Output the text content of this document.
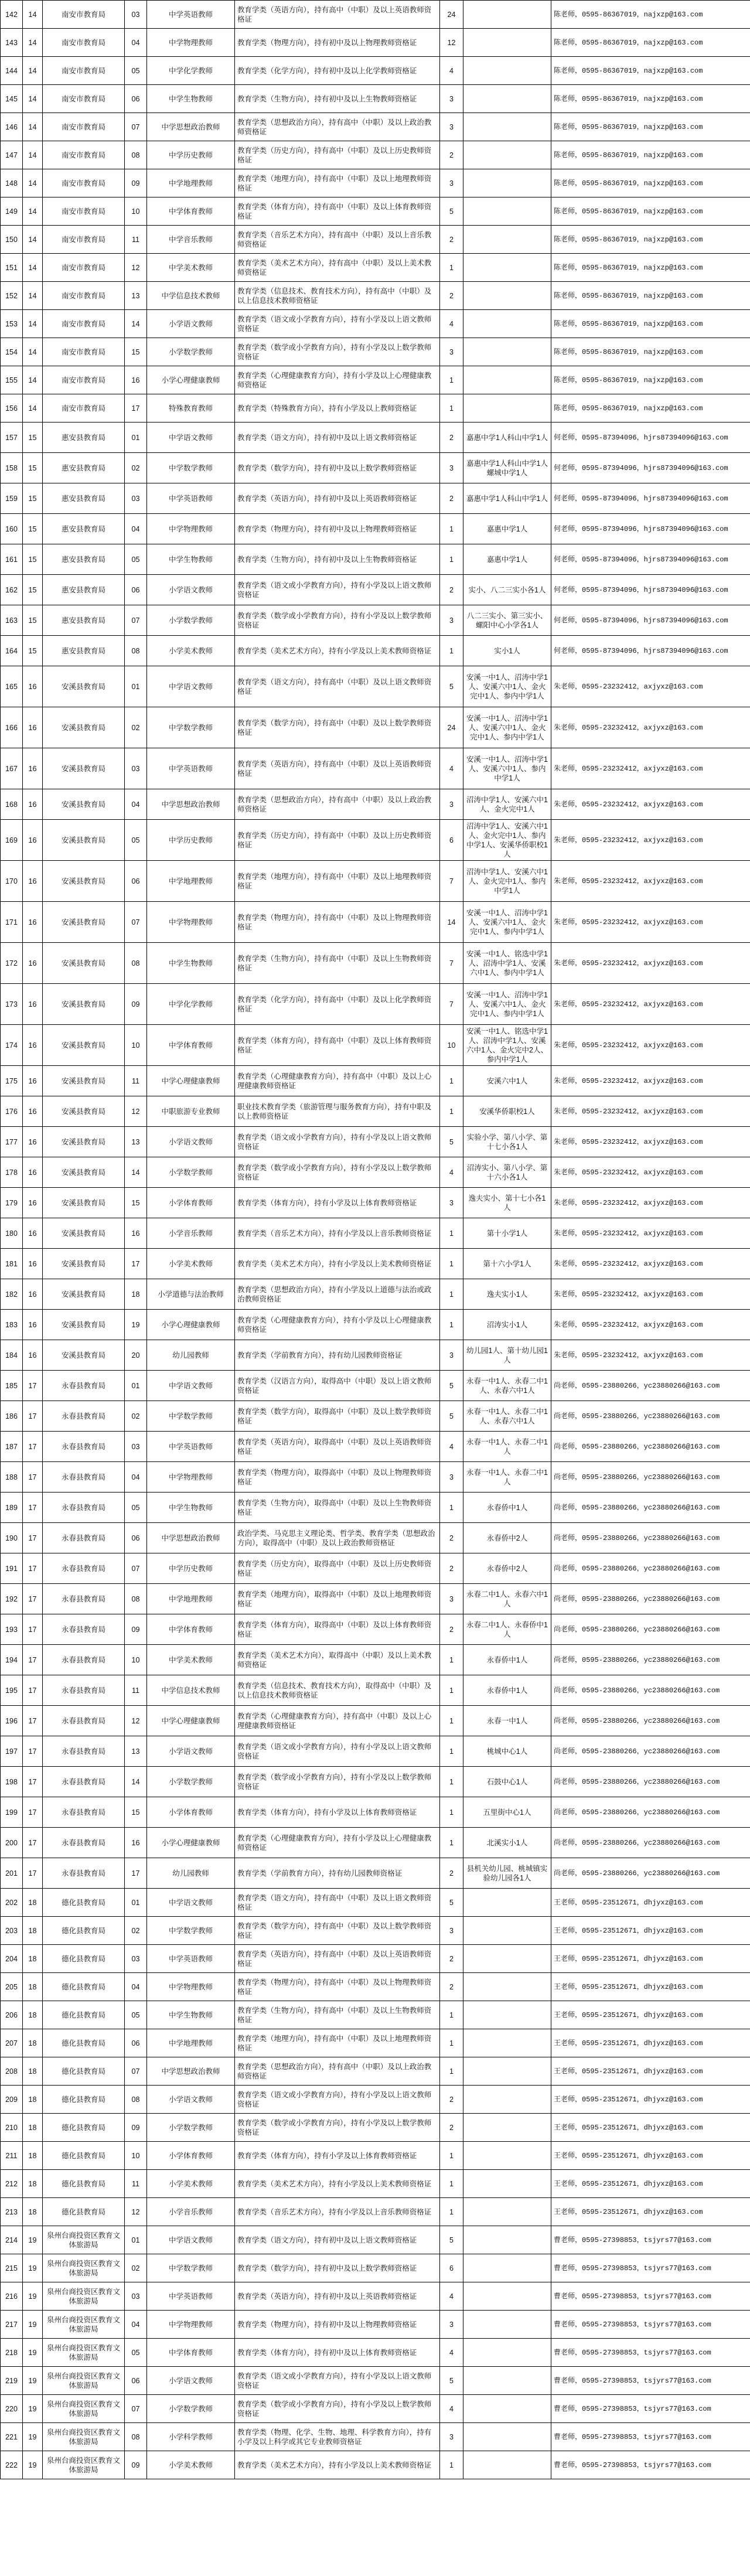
142	14	南安市教育局	03	中学英语教师	教育学类（英语方向），持有高中（中职）及以上英语教师资格证	24		陈老师，0595-86367019，najxzp@163.com
143	14	南安市教育局	04	中学物理教师	教育学类（物理方向），持有初中及以上物理教师资格证	12		陈老师，0595-86367019，najxzp@163.com
144	14	南安市教育局	05	中学化学教师	教育学类（化学方向），持有初中及以上化学教师资格证	4		陈老师，0595-86367019，najxzp@163.com
145	14	南安市教育局	06	中学生物教师	教育学类（生物方向），持有初中及以上生物教师资格证	3		陈老师，0595-86367019，najxzp@163.com
146	14	南安市教育局	07	中学思想政治教师	教育学类（思想政治方向），持有高中（中职）及以上政治教师资格证	3		陈老师，0595-86367019，najxzp@163.com
147	14	南安市教育局	08	中学历史教师	教育学类（历史方向），持有高中（中职）及以上历史教师资格证	2		陈老师，0595-86367019，najxzp@163.com
148	14	南安市教育局	09	中学地理教师	教育学类（地理方向），持有高中（中职）及以上地理教师资格证	3		陈老师，0595-86367019，najxzp@163.com
149	14	南安市教育局	10	中学体育教师	教育学类（体育方向），持有高中（中职）及以上体育教师资格证	5		陈老师，0595-86367019，najxzp@163.com
150	14	南安市教育局	11	中学音乐教师	教育学类（音乐艺术方向），持有高中（中职）及以上音乐教师资格证	2		陈老师，0595-86367019，najxzp@163.com
151	14	南安市教育局	12	中学美术教师	教育学类（美术艺术方向），持有高中（中职）及以上美术教师资格证	1		陈老师，0595-86367019，najxzp@163.com
152	14	南安市教育局	13	中学信息技术教师	教育学类（信息技术、教育技术方向），持有高中（中职）及以上信息技术教师资格证	2		陈老师，0595-86367019，najxzp@163.com
153	14	南安市教育局	14	小学语文教师	教育学类（语文或小学教育方向），持有小学及以上语文教师资格证	4		陈老师，0595-86367019，najxzp@163.com
154	14	南安市教育局	15	小学数学教师	教育学类（数学或小学教育方向），持有小学及以上数学教师资格证	3		陈老师，0595-86367019，najxzp@163.com
155	14	南安市教育局	16	小学心理健康教师	教育学类（心理健康教育方向），持有小学及以上心理健康教师资格证	1		陈老师，0595-86367019，najxzp@163.com
156	14	南安市教育局	17	特殊教育教师	教育学类（特殊教育方向），持有小学及以上教师资格证	1		陈老师，0595-86367019，najxzp@163.com
157	15	惠安县教育局	01	中学语文教师	教育学类（语文方向），持有初中及以上语文教师资格证	2	嘉惠中学1人科山中学1人	何老师，0595-87394096，hjrs87394096@163.com
158	15	惠安县教育局	02	中学数学教师	教育学类（数学方向），持有初中及以上数学教师资格证	3	嘉惠中学1人科山中学1人螺城中学1人	何老师，0595-87394096，hjrs87394096@163.com
159	15	惠安县教育局	03	中学英语教师	教育学类（英语方向），持有初中及以上英语教师资格证	2	嘉惠中学1人科山中学1人	何老师，0595-87394096，hjrs87394096@163.com
160	15	惠安县教育局	04	中学物理教师	教育学类（物理方向），持有初中及以上物理教师资格证	1	嘉惠中学1人	何老师，0595-87394096，hjrs87394096@163.com
161	15	惠安县教育局	05	中学生物教师	教育学类（生物方向），持有初中及以上生物教师资格证	1	嘉惠中学1人	何老师，0595-87394096，hjrs87394096@163.com
162	15	惠安县教育局	06	小学语文教师	教育学类（语文或小学教育方向），持有小学及以上语文教师资格证	2	实小、八二三实小各1人	何老师，0595-87394096，hjrs87394096@163.com
163	15	惠安县教育局	07	小学数学教师	教育学类（数学或小学教育方向），持有小学及以上数学教师资格证	3	八二三实小、第三实小、螺阳中心小学各1人	何老师，0595-87394096，hjrs87394096@163.com
164	15	惠安县教育局	08	小学美术教师	教育学类（美术艺术方向），持有小学及以上美术教师资格证	1	实小1人	何老师，0595-87394096，hjrs87394096@163.com
165	16	安溪县教育局	01	中学语文教师	教育学类（语文方向），持有高中（中职）及以上语文教师资格证	5	安溪一中1人、沼涛中学1人、安溪六中1人、金火完中1人、参内中学1人	朱老师，0595-23232412，axjyxz@163.com
166	16	安溪县教育局	02	中学数学教师	教育学类（数学方向），持有高中（中职）及以上数学教师资格证	24	安溪一中1人、沼涛中学1人、安溪六中1人、金火完中1人、参内中学1人	朱老师，0595-23232412，axjyxz@163.com
167	16	安溪县教育局	03	中学英语教师	教育学类（英语方向），持有高中（中职）及以上英语教师资格证	4	安溪一中1人、沼涛中学1人、安溪六中1人、参内中学1人	朱老师，0595-23232412，axjyxz@163.com
168	16	安溪县教育局	04	中学思想政治教师	教育学类（思想政治方向），持有高中（中职）及以上政治教师资格证	3	沼涛中学1人、安溪六中1人、金火完中1人	朱老师，0595-23232412，axjyxz@163.com
169	16	安溪县教育局	05	中学历史教师	教育学类（历史方向），持有高中（中职）及以上历史教师资格证	6	沼涛中学1人、安溪六中1人、金火完中1人、参内中学1人、安溪华侨职校1人	朱老师，0595-23232412，axjyxz@163.com
170	16	安溪县教育局	06	中学地理教师	教育学类（地理方向），持有高中（中职）及以上地理教师资格证	7	沼涛中学1人、安溪六中1人、金火完中1人、参内中学1人	朱老师，0595-23232412，axjyxz@163.com
171	16	安溪县教育局	07	中学物理教师	教育学类（物理方向），持有高中（中职）及以上物理教师资格证	14	安溪一中1人、沼涛中学1人、安溪六中1人、金火完中1人、参内中学1人	朱老师，0595-23232412，axjyxz@163.com
172	16	安溪县教育局	08	中学生物教师	教育学类（生物方向），持有高中（中职）及以上生物教师资格证	7	安溪一中1人、铭选中学1人、沼涛中学1人、安溪六中1人、参内中学1人	朱老师，0595-23232412，axjyxz@163.com
173	16	安溪县教育局	09	中学化学教师	教育学类（化学方向），持有高中（中职）及以上化学教师资格证	7	安溪一中1人、沼涛中学1人、安溪六中1人、金火完中1人、参内中学1人	朱老师，0595-23232412，axjyxz@163.com
174	16	安溪县教育局	10	中学体育教师	教育学类（体育方向），持有高中（中职）及以上体育教师资格证	10	安溪一中1人、铭选中学1人、沼涛中学1人、安溪六中1人、金火完中2人、参内中学1人	朱老师，0595-23232412，axjyxz@163.com
175	16	安溪县教育局	11	中学心理健康教师	教育学类（心理健康教育方向），持有高中（中职）及以上心理健康教师资格证	1	安溪六中1人	朱老师，0595-23232412，axjyxz@163.com
176	16	安溪县教育局	12	中职旅游专业教师	职业技术教育学类（旅游管理与服务教育方向），持有中职及以上教师资格证	1	安溪华侨职校1人	朱老师，0595-23232412，axjyxz@163.com
177	16	安溪县教育局	13	小学语文教师	教育学类（语文或小学教育方向），持有小学及以上语文教师资格证	5	实验小学、第八小学、第十七小各1人	朱老师，0595-23232412，axjyxz@163.com
178	16	安溪县教育局	14	小学数学教师	教育学类（数学或小学教育方向），持有小学及以上数学教师资格证	4	沼涛实小、第八小学、第十六小各1人	朱老师，0595-23232412，axjyxz@163.com
179	16	安溪县教育局	15	小学体育教师	教育学类（体育方向），持有小学及以上体育教师资格证	3	逸夫实小、第十七小各1人	朱老师，0595-23232412，axjyxz@163.com
180	16	安溪县教育局	16	小学音乐教师	教育学类（音乐艺术方向），持有小学及以上音乐教师资格证	1	第十小学1人	朱老师，0595-23232412，axjyxz@163.com
181	16	安溪县教育局	17	小学美术教师	教育学类（美术艺术方向），持有小学及以上美术教师资格证	1	第十六小学1人	朱老师，0595-23232412，axjyxz@163.com
182	16	安溪县教育局	18	小学道德与法治教师	教育学类（思想政治方向），持有小学及以上道德与法治或政治教师资格证	1	逸夫实小1人	朱老师，0595-23232412，axjyxz@163.com
183	16	安溪县教育局	19	小学心理健康教师	教育学类（心理健康教育方向），持有小学及以上心理健康教师资格证	1	沼涛实小1人	朱老师，0595-23232412，axjyxz@163.com
184	16	安溪县教育局	20	幼儿园教师	教育学类（学前教育方向），持有幼儿园教师资格证	3	幼儿园1人、第十幼儿园1人	朱老师，0595-23232412，axjyxz@163.com
185	17	永春县教育局	01	中学语文教师	教育学类（汉语言方向），取得高中（中职）及以上语文教师资格证	5	永春一中1人、永春二中1人、永春六中1人	尚老师，0595-23880266，yc23880266@163.com
186	17	永春县教育局	02	中学数学教师	教育学类（数学方向），取得高中（中职）及以上数学教师资格证	5	永春一中1人、永春二中1人、永春六中1人	尚老师，0595-23880266，yc23880266@163.com
187	17	永春县教育局	03	中学英语教师	教育学类（英语方向），取得高中（中职）及以上英语教师资格证	4	永春一中1人、永春二中1人	尚老师，0595-23880266，yc23880266@163.com
188	17	永春县教育局	04	中学物理教师	教育学类（物理方向），取得高中（中职）及以上物理教师资格证	3	永春一中1人、永春二中1人	尚老师，0595-23880266，yc23880266@163.com
189	17	永春县教育局	05	中学生物教师	教育学类（生物方向），取得高中（中职）及以上生物教师资格证	1	永春侨中1人	尚老师，0595-23880266，yc23880266@163.com
190	17	永春县教育局	06	中学思想政治教师	政治学类、马克思主义理论类、哲学类、教育学类（思想政治方向），取得高中（中职）及以上政治教师资格证	2	永春侨中2人	尚老师，0595-23880266，yc23880266@163.com
191	17	永春县教育局	07	中学历史教师	教育学类（历史方向），取得高中（中职）及以上历史教师资格证	2	永春侨中2人	尚老师，0595-23880266，yc23880266@163.com
192	17	永春县教育局	08	中学地理教师	教育学类（地理方向），取得高中（中职）及以上地理教师资格证	3	永春二中1人、永春六中1人	尚老师，0595-23880266，yc23880266@163.com
193	17	永春县教育局	09	中学体育教师	教育学类（体育方向），取得高中（中职）及以上体育教师资格证	2	永春二中1人、永春侨中1人	尚老师，0595-23880266，yc23880266@163.com
194	17	永春县教育局	10	中学美术教师	教育学类（美术艺术方向），取得高中（中职）及以上美术教师资格证	1	永春侨中1人	尚老师，0595-23880266，yc23880266@163.com
195	17	永春县教育局	11	中学信息技术教师	教育学类（信息技术、教育技术方向），取得高中（中职）及以上信息技术教师资格证	1	永春侨中1人	尚老师，0595-23880266，yc23880266@163.com
196	17	永春县教育局	12	中学心理健康教师	教育学类（心理健康教育方向），持有高中（中职）及以上心理健康教师资格证	1	永春一中1人	尚老师，0595-23880266，yc23880266@163.com
197	17	永春县教育局	13	小学语文教师	教育学类（语文或小学教育方向），持有小学及以上语文教师资格证	1	桃城中心1人	尚老师，0595-23880266，yc23880266@163.com
198	17	永春县教育局	14	小学数学教师	教育学类（数学或小学教育方向），持有小学及以上数学教师资格证	1	石鼓中心1人	尚老师，0595-23880266，yc23880266@163.com
199	17	永春县教育局	15	小学体育教师	教育学类（体育方向），持有小学及以上体育教师资格证	1	五里街中心1人	尚老师，0595-23880266，yc23880266@163.com
200	17	永春县教育局	16	小学心理健康教师	教育学类（心理健康教育方向），持有小学及以上心理健康教师资格证	1	北溪实小1人	尚老师，0595-23880266，yc23880266@163.com
201	17	永春县教育局	17	幼儿园教师	教育学类（学前教育方向），持有幼儿园教师资格证	2	县机关幼儿园、桃城镇实验幼儿园各1人	尚老师，0595-23880266，yc23880266@163.com
202	18	德化县教育局	01	中学语文教师	教育学类（语文方向），持有高中（中职）及以上语文教师资格证	5		王老师，0595-23512671，dhjyxz@163.com
203	18	德化县教育局	02	中学数学教师	教育学类（数学方向），持有高中（中职）及以上数学教师资格证	3		王老师，0595-23512671，dhjyxz@163.com
204	18	德化县教育局	03	中学英语教师	教育学类（英语方向），持有高中（中职）及以上英语教师资格证	2		王老师，0595-23512671，dhjyxz@163.com
205	18	德化县教育局	04	中学物理教师	教育学类（物理方向），持有高中（中职）及以上物理教师资格证	2		王老师，0595-23512671，dhjyxz@163.com
206	18	德化县教育局	05	中学生物教师	教育学类（生物方向），持有高中（中职）及以上生物教师资格证	1		王老师，0595-23512671，dhjyxz@163.com
207	18	德化县教育局	06	中学地理教师	教育学类（地理方向），持有高中（中职）及以上地理教师资格证	1		王老师，0595-23512671，dhjyxz@163.com
208	18	德化县教育局	07	中学思想政治教师	教育学类（思想政治方向），持有高中（中职）及以上政治教师资格证	1		王老师，0595-23512671，dhjyxz@163.com
209	18	德化县教育局	08	小学语文教师	教育学类（语文或小学教育方向），持有小学及以上语文教师资格证	2		王老师，0595-23512671，dhjyxz@163.com
210	18	德化县教育局	09	小学数学教师	教育学类（数学或小学教育方向），持有小学及以上数学教师资格证	2		王老师，0595-23512671，dhjyxz@163.com
211	18	德化县教育局	10	小学体育教师	教育学类（体育方向），持有小学及以上体育教师资格证	1		王老师，0595-23512671，dhjyxz@163.com
212	18	德化县教育局	11	小学美术教师	教育学类（美术艺术方向），持有小学及以上美术教师资格证	1		王老师，0595-23512671，dhjyxz@163.com
213	18	德化县教育局	12	小学音乐教师	教育学类（音乐艺术方向），持有小学及以上音乐教师资格证	1		王老师，0595-23512671，dhjyxz@163.com
214	19	泉州台商投资区教育文体旅游局	01	中学语文教师	教育学类（语文方向），持有初中及以上语文教师资格证	5		曹老师，0595-27398853，tsjyrs77@163.com
215	19	泉州台商投资区教育文体旅游局	02	中学数学教师	教育学类（数学方向），持有初中及以上数学教师资格证	6		曹老师，0595-27398853，tsjyrs77@163.com
216	19	泉州台商投资区教育文体旅游局	03	中学英语教师	教育学类（英语方向），持有初中及以上英语教师资格证	4		曹老师，0595-27398853，tsjyrs77@163.com
217	19	泉州台商投资区教育文体旅游局	04	中学物理教师	教育学类（物理方向），持有初中及以上物理教师资格证	3		曹老师，0595-27398853，tsjyrs77@163.com
218	19	泉州台商投资区教育文体旅游局	05	中学体育教师	教育学类（体育方向），持有初中及以上体育教师资格证	4		曹老师，0595-27398853，tsjyrs77@163.com
219	19	泉州台商投资区教育文体旅游局	06	小学语文教师	教育学类（语文或小学教育方向），持有小学及以上语文教师资格证	5		曹老师，0595-27398853，tsjyrs77@163.com
220	19	泉州台商投资区教育文体旅游局	07	小学数学教师	教育学类（数学或小学教育方向），持有小学及以上数学教师资格证	4		曹老师，0595-27398853，tsjyrs77@163.com
221	19	泉州台商投资区教育文体旅游局	08	小学科学教师	教育学类（物理、化学、生物、地理、科学教育方向），持有小学及以上科学或其它专业教师资格证	3		曹老师，0595-27398853，tsjyrs77@163.com
222	19	泉州台商投资区教育文体旅游局	09	小学美术教师	教育学类（美术艺术方向），持有小学及以上美术教师资格证	1		曹老师，0595-27398853，tsjyrs77@163.com
